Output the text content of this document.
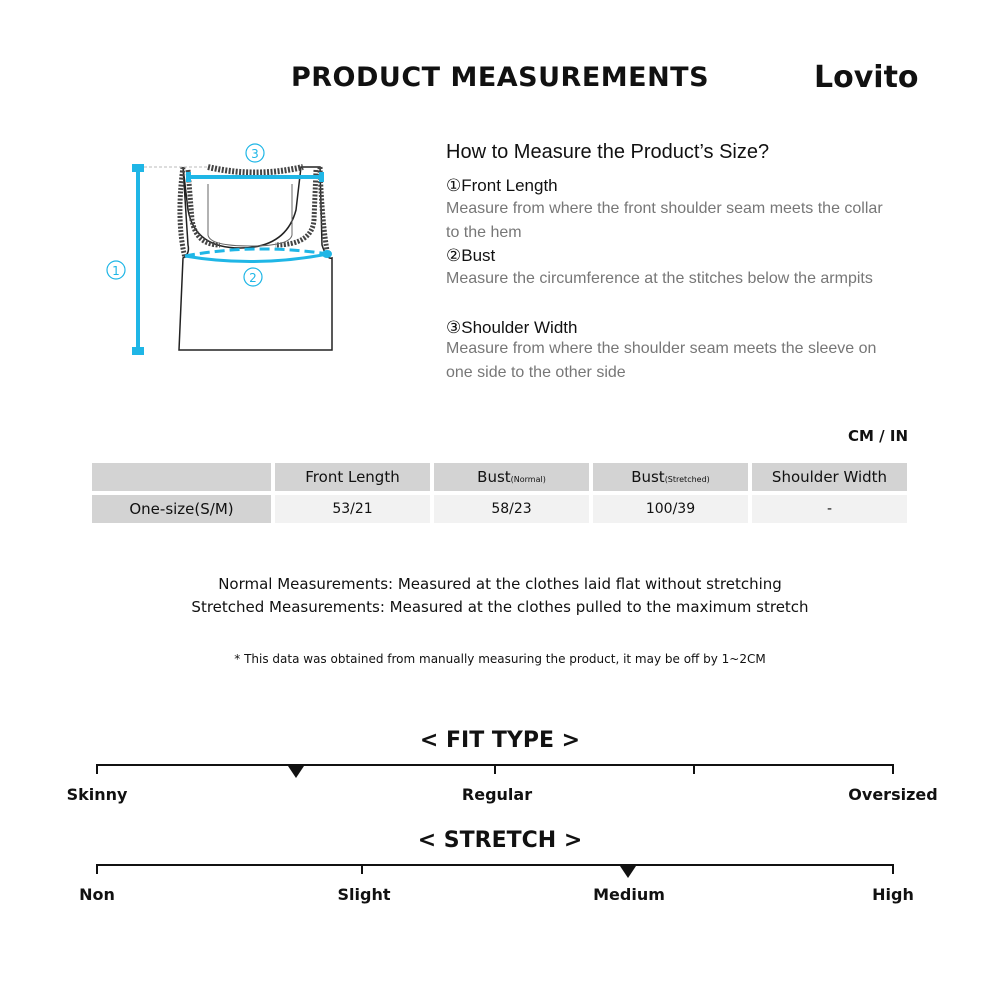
PRODUCT MEASUREMENTS	Lovito
1
3
2
How to Measure the Product’s Size?
①Front Length
Measure from where the front shoulder seam meets the collar to the hem
②Bust
Measure the circumference at the stitches below the armpits
③Shoulder Width
Measure from where the shoulder seam meets the sleeve on one side to the other side
CM / IN
	Front Length	Bust(Normal)	Bust(Stretched)	Shoulder Width
One-size(S/M)	53/21	58/23	100/39	-
Normal Measurements: Measured at the clothes laid flat without stretching
Stretched Measurements: Measured at the clothes pulled to the maximum stretch
* This data was obtained from manually measuring the product, it may be off by 1~2CM
< FIT TYPE >
Skinny	Regular	Oversized
< STRETCH >
Non	Slight	Medium	High
